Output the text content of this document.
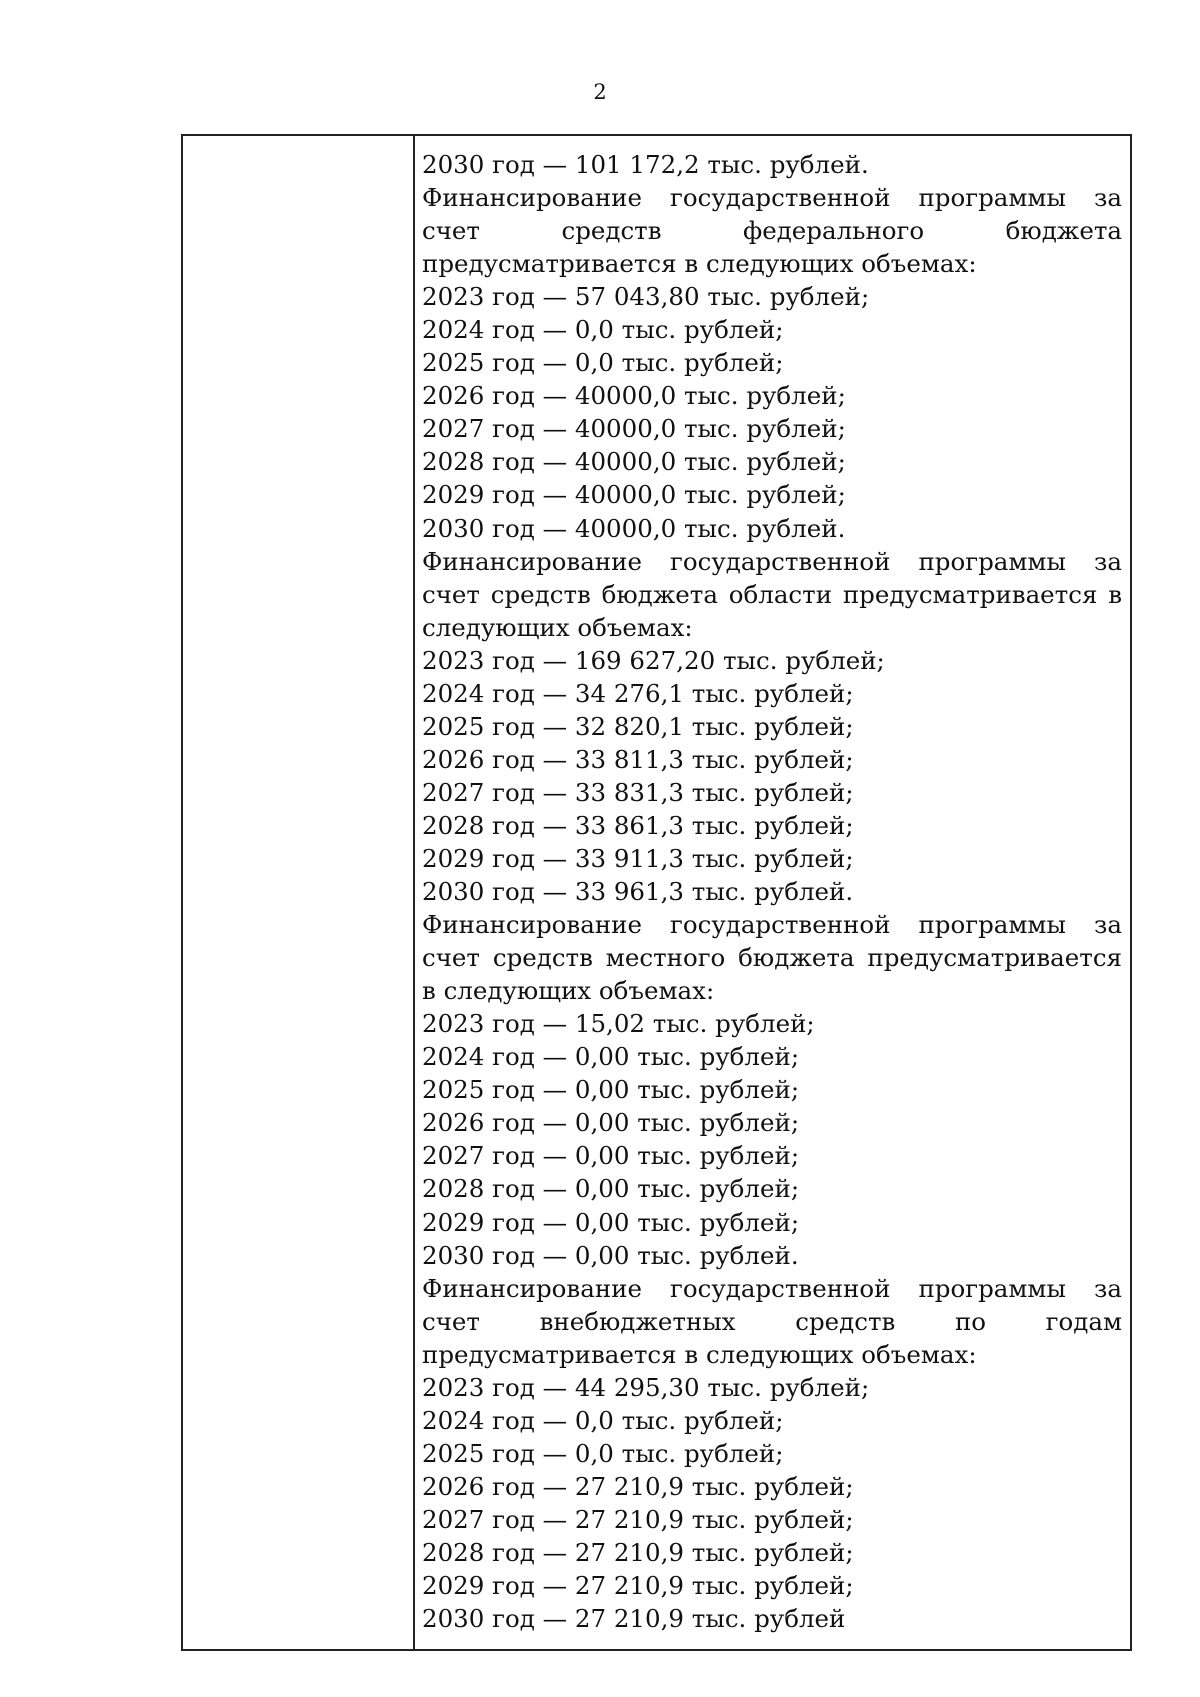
2
2030 год — 101 172,2 тыс. рублей.
Финансирование государственной программы за счет средств федерального бюджета предусматривается в следующих объемах:
2023 год — 57 043,80 тыс. рублей;
2024 год — 0,0 тыс. рублей;
2025 год — 0,0 тыс. рублей;
2026 год — 40000,0 тыс. рублей;
2027 год — 40000,0 тыс. рублей;
2028 год — 40000,0 тыс. рублей;
2029 год — 40000,0 тыс. рублей;
2030 год — 40000,0 тыс. рублей.
Финансирование государственной программы за счет средств бюджета области предусматривается в следующих объемах:
2023 год — 169 627,20 тыс. рублей;
2024 год — 34 276,1 тыс. рублей;
2025 год — 32 820,1 тыс. рублей;
2026 год — 33 811,3 тыс. рублей;
2027 год — 33 831,3 тыс. рублей;
2028 год — 33 861,3 тыс. рублей;
2029 год — 33 911,3 тыс. рублей;
2030 год — 33 961,3 тыс. рублей.
Финансирование государственной программы за счет средств местного бюджета предусматривается в следующих объемах:
2023 год — 15,02 тыс. рублей;
2024 год — 0,00 тыс. рублей;
2025 год — 0,00 тыс. рублей;
2026 год — 0,00 тыс. рублей;
2027 год — 0,00 тыс. рублей;
2028 год — 0,00 тыс. рублей;
2029 год — 0,00 тыс. рублей;
2030 год — 0,00 тыс. рублей.
Финансирование государственной программы за счет внебюджетных средств по годам предусматривается в следующих объемах:
2023 год — 44 295,30 тыс. рублей;
2024 год — 0,0 тыс. рублей;
2025 год — 0,0 тыс. рублей;
2026 год — 27 210,9 тыс. рублей;
2027 год — 27 210,9 тыс. рублей;
2028 год — 27 210,9 тыс. рублей;
2029 год — 27 210,9 тыс. рублей;
2030 год — 27 210,9 тыс. рублей
